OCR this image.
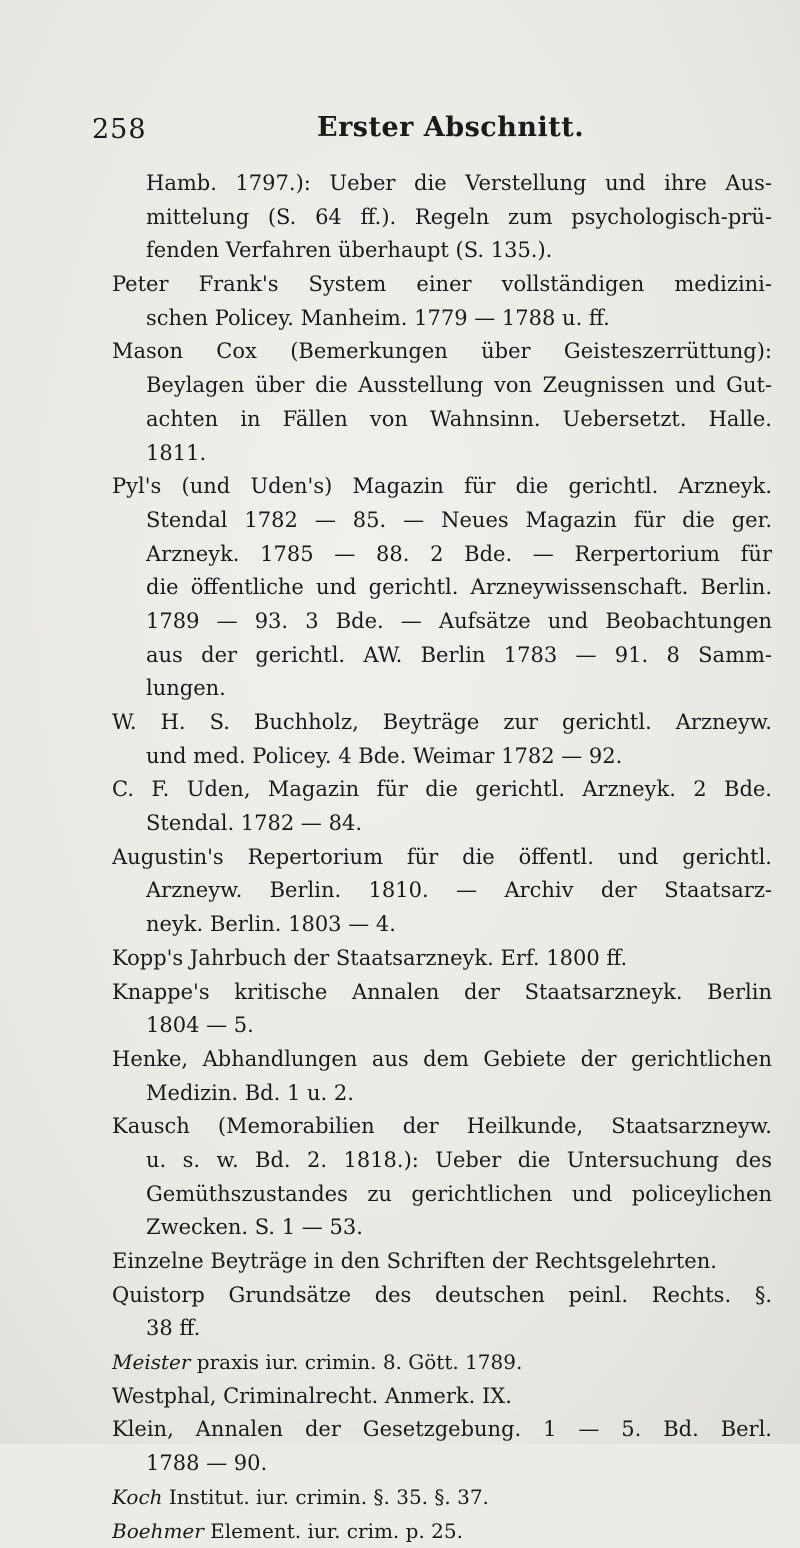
258	Erster Abschnitt.
Hamb. 1797.): Ueber die Verstellung und ihre Aus-
mittelung (S. 64 ff.). Regeln zum psychologisch-prü-
fenden Verfahren überhaupt (S. 135.).
Peter Frank's System einer vollständigen medizini-
schen Policey. Manheim. 1779 — 1788 u. ff.
Mason Cox (Bemerkungen über Geisteszerrüttung):
Beylagen über die Ausstellung von Zeugnissen und Gut-
achten in Fällen von Wahnsinn. Uebersetzt. Halle.
1811.
Pyl's (und Uden's) Magazin für die gerichtl. Arzneyk.
Stendal 1782 — 85. — Neues Magazin für die ger.
Arzneyk. 1785 — 88. 2 Bde. — Rerpertorium für
die öffentliche und gerichtl. Arzneywissenschaft. Berlin.
1789 — 93. 3 Bde. — Aufsätze und Beobachtungen
aus der gerichtl. AW. Berlin 1783 — 91. 8 Samm-
lungen.
W. H. S. Buchholz, Beyträge zur gerichtl. Arzneyw.
und med. Policey. 4 Bde. Weimar 1782 — 92.
C. F. Uden, Magazin für die gerichtl. Arzneyk. 2 Bde.
Stendal. 1782 — 84.
Augustin's Repertorium für die öffentl. und gerichtl.
Arzneyw. Berlin. 1810. — Archiv der Staatsarz-
neyk. Berlin. 1803 — 4.
Kopp's Jahrbuch der Staatsarzneyk. Erf. 1800 ff.
Knappe's kritische Annalen der Staatsarzneyk. Berlin
1804 — 5.
Henke, Abhandlungen aus dem Gebiete der gerichtlichen
Medizin. Bd. 1 u. 2.
Kausch (Memorabilien der Heilkunde, Staatsarzneyw.
u. s. w. Bd. 2. 1818.): Ueber die Untersuchung des
Gemüthszustandes zu gerichtlichen und policeylichen
Zwecken. S. 1 — 53.
Einzelne Beyträge in den Schriften der Rechtsgelehrten.
Quistorp Grundsätze des deutschen peinl. Rechts. §.
38 ff.
Meister praxis iur. crimin. 8. Gött. 1789.
Westphal, Criminalrecht. Anmerk. IX.
Klein, Annalen der Gesetzgebung. 1 — 5. Bd. Berl.
1788 — 90.
Koch Institut. iur. crimin. §. 35. §. 37.
Boehmer Element. iur. crim. p. 25.
